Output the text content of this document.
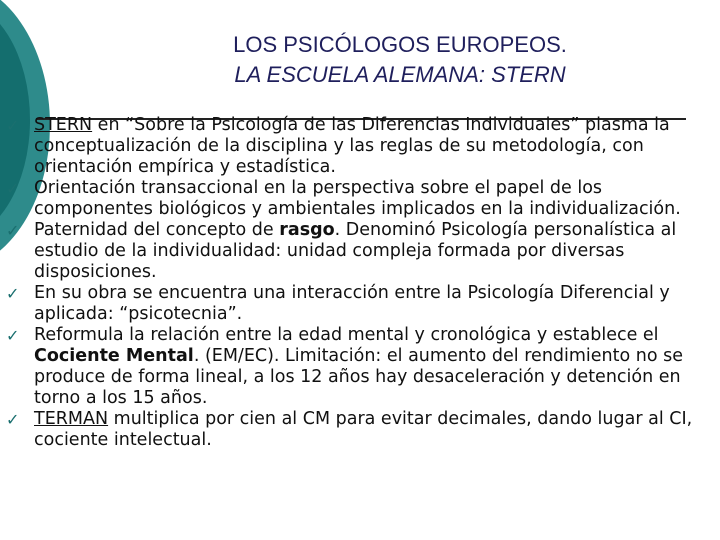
LOS PSICÓLOGOS EUROPEOS.
LA ESCUELA ALEMANA: STERN
✓ STERN en “Sobre la Psicología de las Diferencias Individuales” plasma la conceptualización de la disciplina y las reglas de su metodología, con orientación empírica y estadística.
✓ Orientación transaccional en la perspectiva sobre el papel de los componentes biológicos y ambientales implicados en la individualización.
✓ Paternidad del concepto de rasgo. Denominó Psicología personalística al estudio de la individualidad: unidad compleja formada por diversas disposiciones.
✓ En su obra se encuentra una interacción entre la Psicología Diferencial y aplicada: “psicotecnia”.
✓ Reformula la relación entre la edad mental y cronológica y establece el Cociente Mental. (EM/EC). Limitación: el aumento del rendimiento no se produce de forma lineal, a los 12 años hay desaceleración y detención en torno a los 15 años.
✓ TERMAN multiplica por cien al CM para evitar decimales, dando lugar al CI, cociente intelectual.
